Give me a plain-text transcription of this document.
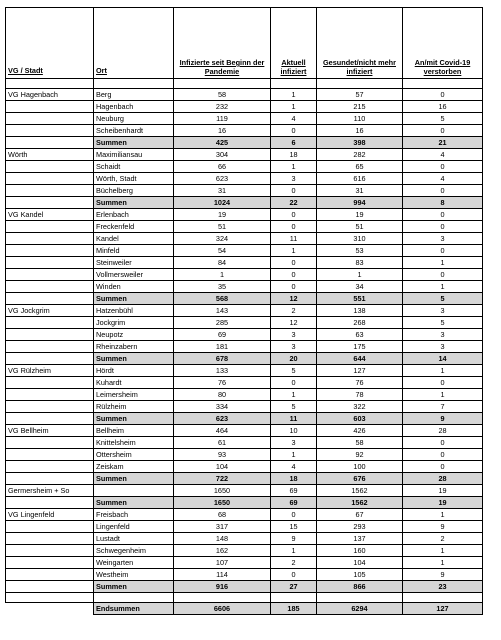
VG / Stadt	Ort	Infizierte seit Beginn der Pandemie	Aktuell infiziert	Gesundet/nicht mehr infiziert	An/mit Covid-19 verstorben

VG Hagenbach	Berg	58	1	57	0
	Hagenbach	232	1	215	16
	Neuburg	119	4	110	5
	Scheibenhardt	16	0	16	0
	Summen	425	6	398	21
Wörth	Maximiliansau	304	18	282	4
	Schaidt	66	1	65	0
	Wörth, Stadt	623	3	616	4
	Büchelberg	31	0	31	0
	Summen	1024	22	994	8
VG Kandel	Erlenbach	19	0	19	0
	Freckenfeld	51	0	51	0
	Kandel	324	11	310	3
	Minfeld	54	1	53	0
	Steinweiler	84	0	83	1
	Vollmersweiler	1	0	1	0
	Winden	35	0	34	1
	Summen	568	12	551	5
VG Jockgrim	Hatzenbühl	143	2	138	3
	Jockgrim	285	12	268	5
	Neupotz	69	3	63	3
	Rheinzabern	181	3	175	3
	Summen	678	20	644	14
VG Rülzheim	Hördt	133	5	127	1
	Kuhardt	76	0	76	0
	Leimersheim	80	1	78	1
	Rülzheim	334	5	322	7
	Summen	623	11	603	9
VG Bellheim	Bellheim	464	10	426	28
	Knittelsheim	61	3	58	0
	Ottersheim	93	1	92	0
	Zeiskam	104	4	100	0
	Summen	722	18	676	28
Germersheim + So		1650	69	1562	19
	Summen	1650	69	1562	19
VG Lingenfeld	Freisbach	68	0	67	1
	Lingenfeld	317	15	293	9
	Lustadt	148	9	137	2
	Schwegenheim	162	1	160	1
	Weingarten	107	2	104	1
	Westheim	114	0	105	9
	Summen	916	27	866	23

	Endsummen	6606	185	6294	127
